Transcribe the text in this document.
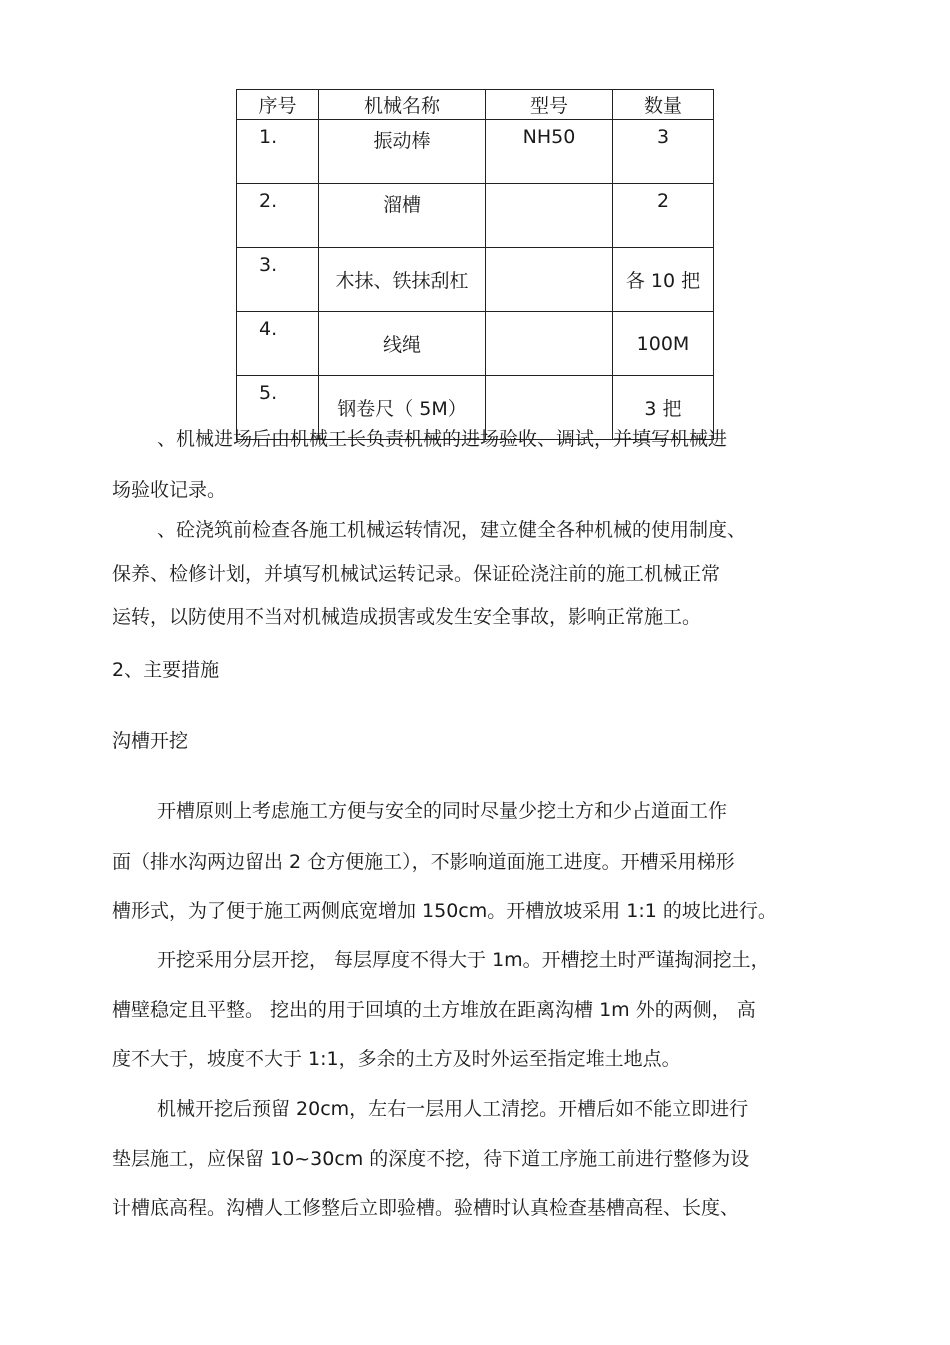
序号	机械名称	型号	数量
1.	振动棒	NH50	3
2.	溜槽		2
3.	木抹、铁抹刮杠		各 10 把
4.	线绳		100M
5.	钢卷尺（ 5M）		3 把
、机械进场后由机械工长负责机械的进场验收、调试，并填写机械进
场验收记录。
、砼浇筑前检查各施工机械运转情况，建立健全各种机械的使用制度、
保养、检修计划，并填写机械试运转记录。保证砼浇注前的施工机械正常
运转，以防使用不当对机械造成损害或发生安全事故，影响正常施工。
2、主要措施
沟槽开挖
开槽原则上考虑施工方便与安全的同时尽量少挖土方和少占道面工作
面（排水沟两边留出 2 仓方便施工），不影响道面施工进度。开槽采用梯形
槽形式，为了便于施工两侧底宽增加 150cm。开槽放坡采用 1:1 的坡比进行。
开挖采用分层开挖， 每层厚度不得大于 1m。开槽挖土时严谨掏洞挖土，
槽壁稳定且平整。 挖出的用于回填的土方堆放在距离沟槽 1m 外的两侧， 高
度不大于，坡度不大于 1:1，多余的土方及时外运至指定堆土地点。
机械开挖后预留 20cm，左右一层用人工清挖。开槽后如不能立即进行
垫层施工，应保留 10~30cm 的深度不挖，待下道工序施工前进行整修为设
计槽底高程。沟槽人工修整后立即验槽。验槽时认真检查基槽高程、长度、
